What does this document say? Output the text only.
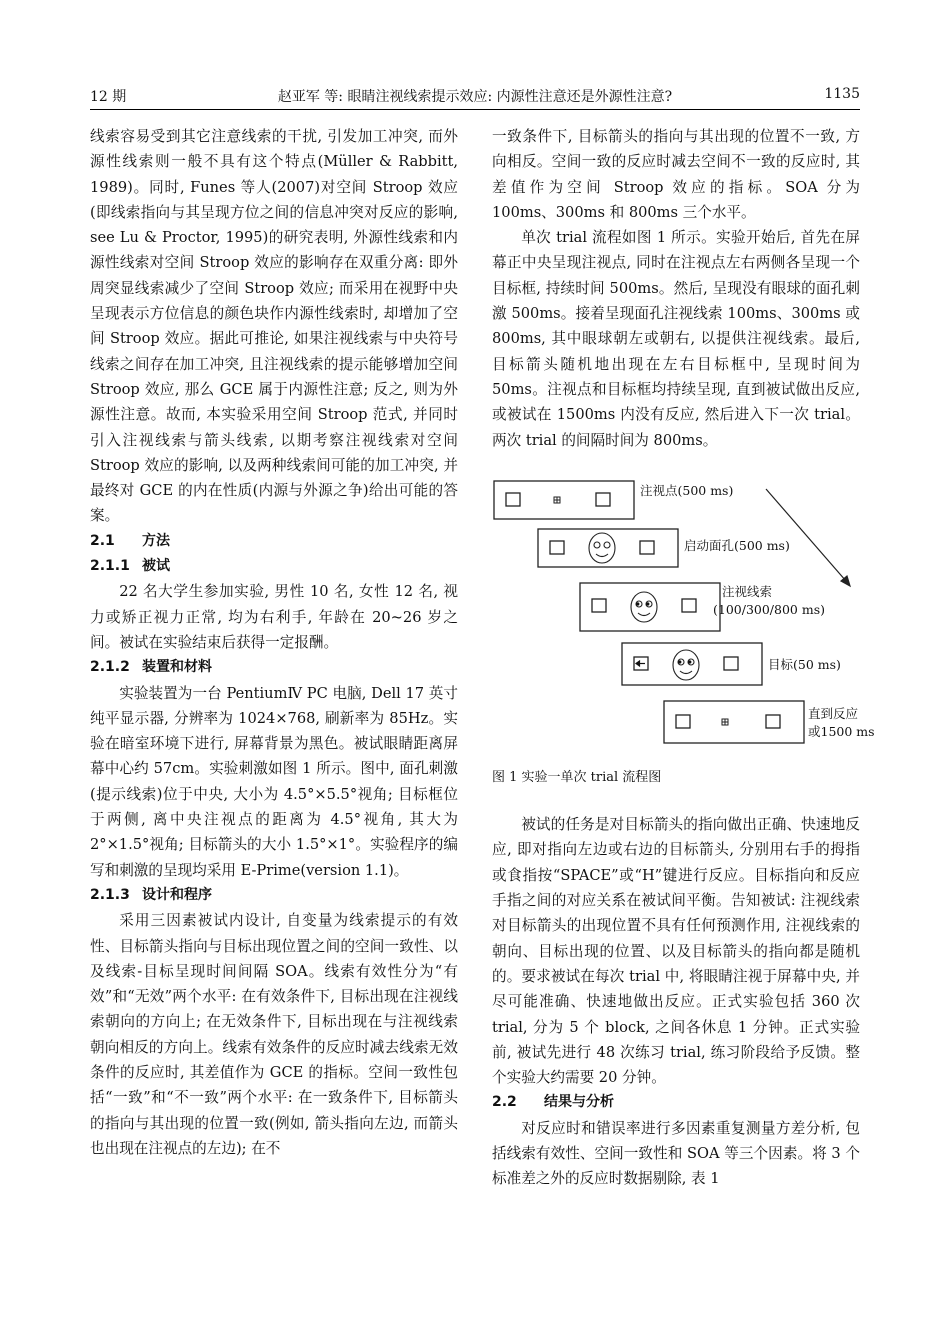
12 期	赵亚军 等: 眼睛注视线索提示效应: 内源性注意还是外源性注意?	1135

线索容易受到其它注意线索的干扰, 引发加工冲突, 而外源性线索则一般不具有这个特点(Müller & Rabbitt, 1989)。同时, Funes 等人(2007)对空间 Stroop 效应(即线索指向与其呈现方位之间的信息冲突对反应的影响, see Lu & Proctor, 1995)的研究表明, 外源性线索和内源性线索对空间 Stroop 效应的影响存在双重分离: 即外周突显线索减少了空间 Stroop 效应; 而采用在视野中央呈现表示方位信息的颜色块作内源性线索时, 却增加了空间 Stroop 效应。据此可推论, 如果注视线索与中央符号线索之间存在加工冲突, 且注视线索的提示能够增加空间 Stroop 效应, 那么 GCE 属于内源性注意; 反之, 则为外源性注意。故而, 本实验采用空间 Stroop 范式, 并同时引入注视线索与箭头线索, 以期考察注视线索对空间 Stroop 效应的影响, 以及两种线索间可能的加工冲突, 并最终对 GCE 的内在性质(内源与外源之争)给出可能的答案。

2.1 方法
2.1.1 被试

22 名大学生参加实验, 男性 10 名, 女性 12 名, 视力或矫正视力正常, 均为右利手, 年龄在 20~26 岁之间。被试在实验结束后获得一定报酬。

2.1.2 装置和材料

实验装置为一台 PentiumⅣ PC 电脑, Dell 17 英寸纯平显示器, 分辨率为 1024×768, 刷新率为 85Hz。实验在暗室环境下进行, 屏幕背景为黑色。被试眼睛距离屏幕中心约 57cm。实验刺激如图 1 所示。图中, 面孔刺激(提示线索)位于中央, 大小为 4.5°×5.5°视角; 目标框位于两侧, 离中央注视点的距离为 4.5°视角, 其大为 2°×1.5°视角; 目标箭头的大小 1.5°×1°。实验程序的编写和刺激的呈现均采用 E-Prime(version 1.1)。

2.1.3 设计和程序

采用三因素被试内设计, 自变量为线索提示的有效性、目标箭头指向与目标出现位置之间的空间一致性、以及线索-目标呈现时间间隔 SOA。线索有效性分为“有效”和“无效”两个水平: 在有效条件下, 目标出现在注视线索朝向的方向上; 在无效条件下, 目标出现在与注视线索朝向相反的方向上。线索有效条件的反应时减去线索无效条件的反应时, 其差值作为 GCE 的指标。空间一致性包括“一致”和“不一致”两个水平: 在一致条件下, 目标箭头的指向与其出现的位置一致(例如, 箭头指向左边, 而箭头也出现在注视点的左边); 在不

一致条件下, 目标箭头的指向与其出现的位置不一致, 方向相反。空间一致的反应时减去空间不一致的反应时, 其差值作为空间 Stroop 效应的指标。SOA 分为 100ms、300ms 和 800ms 三个水平。

单次 trial 流程如图 1 所示。实验开始后, 首先在屏幕正中央呈现注视点, 同时在注视点左右两侧各呈现一个目标框, 持续时间 500ms。然后, 呈现没有眼球的面孔刺激 500ms。接着呈现面孔注视线索 100ms、300ms 或 800ms, 其中眼球朝左或朝右, 以提供注视线索。最后, 目标箭头随机地出现在左右目标框中, 呈现时间为 50ms。注视点和目标框均持续呈现, 直到被试做出反应, 或被试在 1500ms 内没有反应, 然后进入下一次 trial。两次 trial 的间隔时间为 800ms。

注视点(500 ms)
启动面孔(500 ms)
注视线索
(100/300/800 ms)
目标(50 ms)
直到反应
或1500 ms

图 1 实验一单次 trial 流程图

被试的任务是对目标箭头的指向做出正确、快速地反应, 即对指向左边或右边的目标箭头, 分别用右手的拇指或食指按“SPACE”或“H”键进行反应。目标指向和反应手指之间的对应关系在被试间平衡。告知被试: 注视线索对目标箭头的出现位置不具有任何预测作用, 注视线索的朝向、目标出现的位置、以及目标箭头的指向都是随机的。要求被试在每次 trial 中, 将眼睛注视于屏幕中央, 并尽可能准确、快速地做出反应。正式实验包括 360 次 trial, 分为 5 个 block, 之间各休息 1 分钟。正式实验前, 被试先进行 48 次练习 trial, 练习阶段给予反馈。整个实验大约需要 20 分钟。

2.2 结果与分析

对反应时和错误率进行多因素重复测量方差分析, 包括线索有效性、空间一致性和 SOA 等三个因素。将 3 个标准差之外的反应时数据剔除, 表 1
